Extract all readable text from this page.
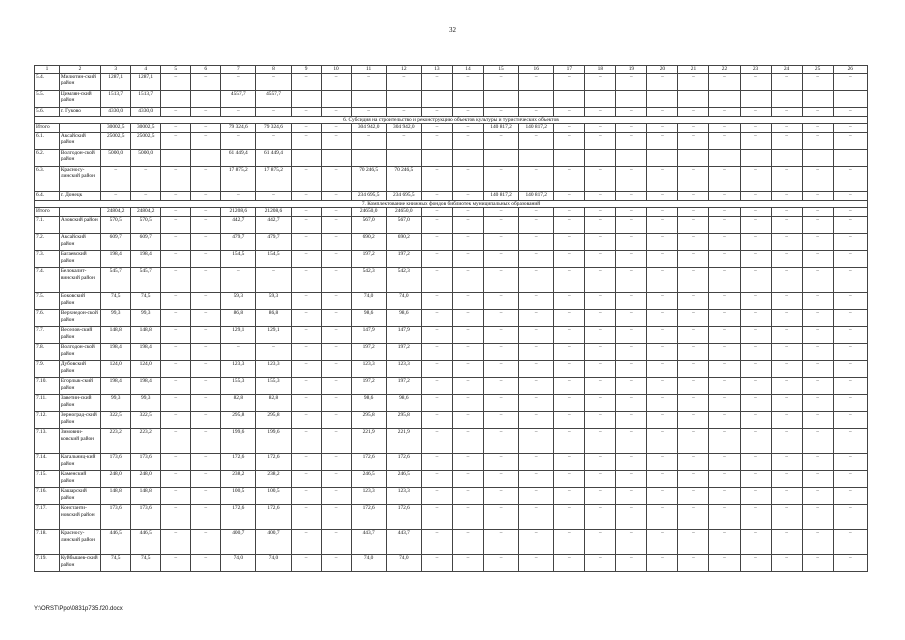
32
1	2	3	4	5	6	7	8	9	10	11	12	13	14	15	16	17	18	19	20	21	22	23	24	25	26
5.4.	Милютин-ский район	1287,1	1287,1	–	–	–	–	–	–	–	–	–	–	–	–	–	–	–	–	–	–	–	–	–	–
5.5.	Цимлян-ский район	1513,7	1513,7			4557,7	4557,7																		
5.6.	г. Гуково	4330,0	4330,0	–	–	–	–	–	–	–	–	–	–	–	–	–	–	–	–	–	–	–	–	–	–
6. Субсидия на строительство и реконструкцию объектов культуры и туристических объектов																									
Итого		30002,5	30002,5	–	–	79 324,6	79 324,6	–	–	304 942,0	304 942,0	–	–	140 817,2	140 817,2	–	–	–	–	–	–	–	–	–	–
6.1.	Аксайский район	25002,5	25002,5	–	–	–	–	–	–	–	–	–	–	–	–	–	–	–	–	–	–	–	–	–	–
6.2.	Волгодон-ской район	5000,0	5000,0			61 449,4	61 449,4																		
6.3.	Красносу-линский район	–	–	–	–	17 875,2	17 875,2	–	–	70 246,5	70 246,5	–	–	–	–	–	–	–	–	–	–	–	–	–	–
6.4.	г. Донецк	–	–	–	–	–	–	–	–	234 695,5	234 695,5	–	–	140 817,2	140 817,2	–	–	–	–	–	–	–	–	–	–
7. Комплектование книжных фондов библиотек муниципальных образований																									
Итого		24804,2	24804,2	–	–	21208,6	21208,6	–	–	24650,0	24650,0	–	–	–	–	–	–	–	–	–	–	–	–	–	–
7.1.	Азовский район	570,5	570,5	–	–	442,7	442,7	–	–	567,0	567,0	–	–	–	–	–	–	–	–	–	–	–	–	–	–
7.2.	Аксайский район	609,7	609,7	–	–	479,7	479,7	–	–	690,2	690,2	–	–	–	–	–	–	–	–	–	–	–	–	–	–
7.3.	Багаевский район	198,4	198,4	–	–	154,5	154,5	–	–	197,2	197,2	–	–	–	–	–	–	–	–	–	–	–	–	–	–
7.4.	Белокалит-винский район	545,7	545,7	–	–	–	–	–	–	542,3	542,3	–	–	–	–	–	–	–	–	–	–	–	–	–	–
7.5.	Боковский район	74,5	74,5	–	–	59,3	59,3	–	–	74,0	74,0	–	–	–	–	–	–	–	–	–	–	–	–	–	–
7.6.	Верхнедон-ской район	99,3	99,3	–	–	86,8	86,8	–	–	98,6	98,6	–	–	–	–	–	–	–	–	–	–	–	–	–	–
7.7.	Веселов-ский район	148,8	148,8	–	–	129,1	129,1	–	–	147,9	147,9	–	–	–	–	–	–	–	–	–	–	–	–	–	–
7.8.	Волгодон-ской район	198,4	198,4	–	–	–	–	–	–	197,2	197,2	–	–	–	–	–	–	–	–	–	–	–	–	–	–
7.9.	Дубовский район	124,0	124,0	–	–	123,3	123,3	–	–	123,3	123,3	–	–	–	–	–	–	–	–	–	–	–	–	–	–
7.10.	Егорлык-ский район	198,4	198,4	–	–	155,3	155,3	–	–	197,2	197,2	–	–	–	–	–	–	–	–	–	–	–	–	–	–
7.11.	Заветин-ский район	99,3	99,3	–	–	82,8	82,8	–	–	98,6	98,6	–	–	–	–	–	–	–	–	–	–	–	–	–	–
7.12.	Зерноград-ский район	322,5	322,5	–	–	295,8	295,8	–	–	295,8	295,8	–	–	–	–	–	–	–	–	–	–	–	–	–	–
7.13.	Зимовни-ковский район	223,2	223,2	–	–	199,6	199,6	–	–	221,9	221,9	–	–	–	–	–	–	–	–	–	–	–	–	–	–
7.14.	Кагальниц-кий район	173,6	173,6	–	–	172,6	172,6	–	–	172,6	172,6	–	–	–	–	–	–	–	–	–	–	–	–	–	–
7.15.	Каменский район	248,0	248,0	–	–	238,2	238,2	–	–	246,5	246,5	–	–	–	–	–	–	–	–	–	–	–	–	–	–
7.16.	Кашарский район	148,8	148,8	–	–	100,5	100,5	–	–	123,3	123,3	–	–	–	–	–	–	–	–	–	–	–	–	–	–
7.17.	Константи-новский район	173,6	173,6	–	–	172,6	172,6	–	–	172,6	172,6	–	–	–	–	–	–	–	–	–	–	–	–	–	–
7.18.	Красносу-линский район	446,5	446,5	–	–	400,7	400,7	–	–	443,7	443,7	–	–	–	–	–	–	–	–	–	–	–	–	–	–
7.19.	Куйбышев-ский район	74,5	74,5	–	–	74,0	74,0	–	–	74,0	74,0	–	–	–	–	–	–	–	–	–	–	–	–	–	–
Y:\ORST\Ppo\0831p735.f20.docx
